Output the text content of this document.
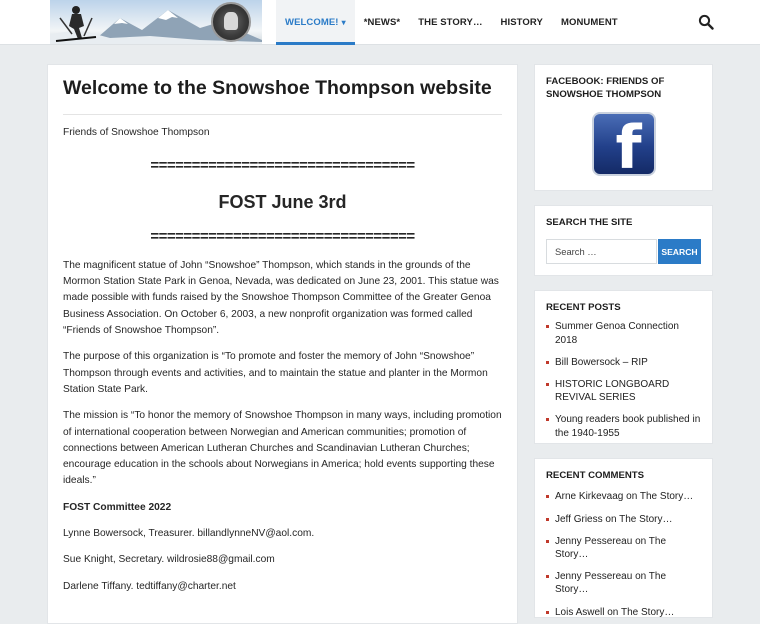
WELCOME! ▾ *NEWS* THE STORY… HISTORY MONUMENT
Welcome to the Snowshoe Thompson website

Friends of Snowshoe Thompson

================================
FOST June 3rd
================================

The magnificent statue of John “Snowshoe” Thompson, which stands in the grounds of the Mormon Station State Park in Genoa, Nevada, was dedicated on June 23, 2001. This statue was made possible with funds raised by the Snowshoe Thompson Committee of the Greater Genoa Business Association. On October 6, 2003, a new nonprofit organization was formed called “Friends of Snowshoe Thompson”.

The purpose of this organization is “To promote and foster the memory of John “Snowshoe” Thompson through events and activities, and to maintain the statue and planter in the Mormon Station State Park.

The mission is “To honor the memory of Snowshoe Thompson in many ways, including promotion of international cooperation between Norwegian and American communities; promotion of connections between American Lutheran Churches and Scandinavian Lutheran Churches; encourage education in the schools about Norwegians in America; hold events supporting these ideals.”

FOST Committee 2022

Lynne Bowersock, Treasurer. billandlynneNV@aol.com.

Sue Knight, Secretary. wildrosie88@gmail.com

Darlene Tiffany. tedtiffany@charter.net

FACEBOOK: FRIENDS OF SNOWSHOE THOMPSON
f
SEARCH THE SITE
Search …
SEARCH
RECENT POSTS
Summer Genoa Connection 2018
Bill Bowersock – RIP
HISTORIC LONGBOARD REVIVAL SERIES
Young readers book published in the 1940-1955
RECENT COMMENTS
Arne Kirkevaag on The Story…
Jeff Griess on The Story…
Jenny Pessereau on The Story…
Jenny Pessereau on The Story…
Lois Aswell on The Story…
